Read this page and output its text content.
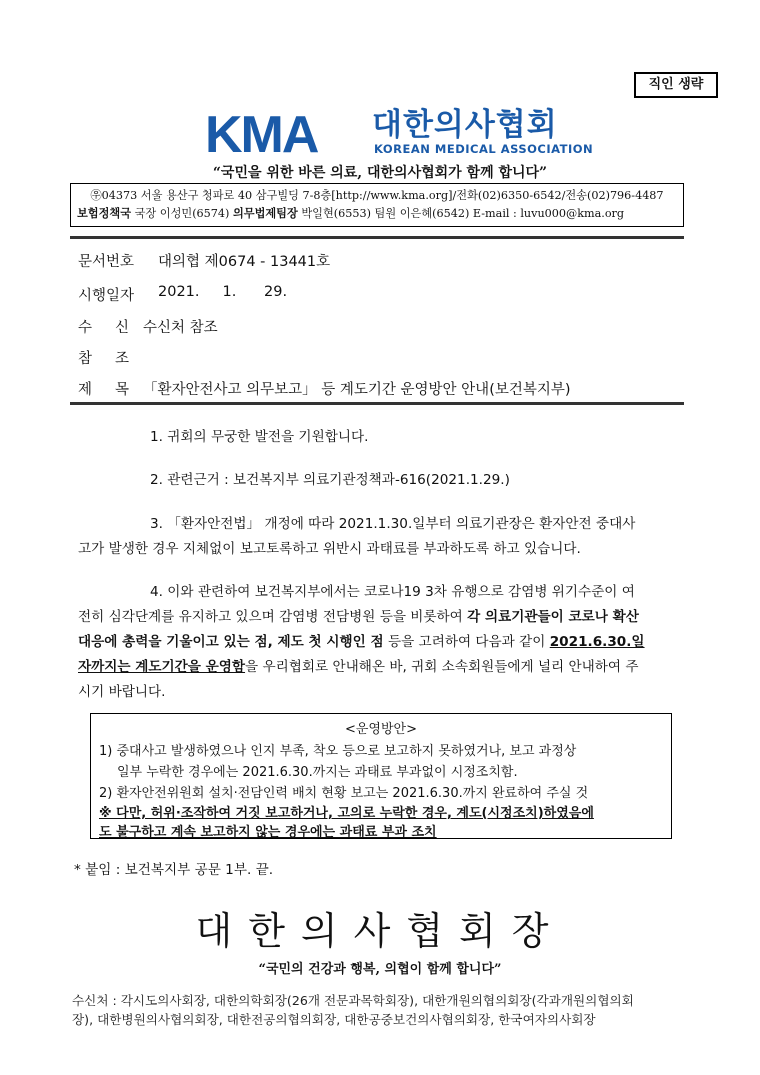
직인 생략
KMA 대한의사협회
KOREAN MEDICAL ASSOCIATION
“국민을 위한 바른 의료, 대한의사협회가 함께 합니다”
㉾04373 서울 용산구 청파로 40 삼구빌딩 7-8층[http://www.kma.org]/전화(02)6350-6542/전송(02)796-4487
보험정책국 국장 이성민(6574) 의무법제팀장 박일현(6553) 팀원 이은혜(6542) E-mail : luvu000@kma.org
문서번호 대의협 제0674 - 13441호
시행일자 2021.     1.      29.
수     신 수신처 참조
참     조
제     목 「환자안전사고 의무보고」 등 계도기간 운영방안 안내(보건복지부)
1. 귀회의 무궁한 발전을 기원합니다.
2. 관련근거 : 보건복지부 의료기관정책과-616(2021.1.29.)
3. 「환자안전법」 개정에 따라 2021.1.30.일부터 의료기관장은 환자안전 중대사
고가 발생한 경우 지체없이 보고토록하고 위반시 과태료를 부과하도록 하고 있습니다.
4. 이와 관련하여 보건복지부에서는 코로나19 3차 유행으로 감염병 위기수준이 여
전히 심각단계를 유지하고 있으며 감염병 전담병원 등을 비롯하여 각 의료기관들이 코로나 확산
대응에 총력을 기울이고 있는 점, 제도 첫 시행인 점 등을 고려하여 다음과 같이 2021.6.30.일
자까지는 계도기간을 운영함을 우리협회로 안내해온 바, 귀회 소속회원들에게 널리 안내하여 주
시기 바랍니다.
<운영방안>
1) 중대사고 발생하였으나 인지 부족, 착오 등으로 보고하지 못하였거나, 보고 과정상
일부 누락한 경우에는 2021.6.30.까지는 과태료 부과없이 시정조치함.
2) 환자안전위원회 설치·전담인력 배치 현황 보고는 2021.6.30.까지 완료하여 주실 것
※ 다만, 허위·조작하여 거짓 보고하거나, 고의로 누락한 경우, 계도(시정조치)하였음에
도 불구하고 계속 보고하지 않는 경우에는 과태료 부과 조치
* 붙임 : 보건복지부 공문 1부. 끝.
대한의사협회장
“국민의 건강과 행복, 의협이 함께 합니다”
수신처 : 각시도의사회장, 대한의학회장(26개 전문과목학회장), 대한개원의협의회장(각과개원의협의회
장), 대한병원의사협의회장, 대한전공의협의회장, 대한공중보건의사협의회장, 한국여자의사회장
